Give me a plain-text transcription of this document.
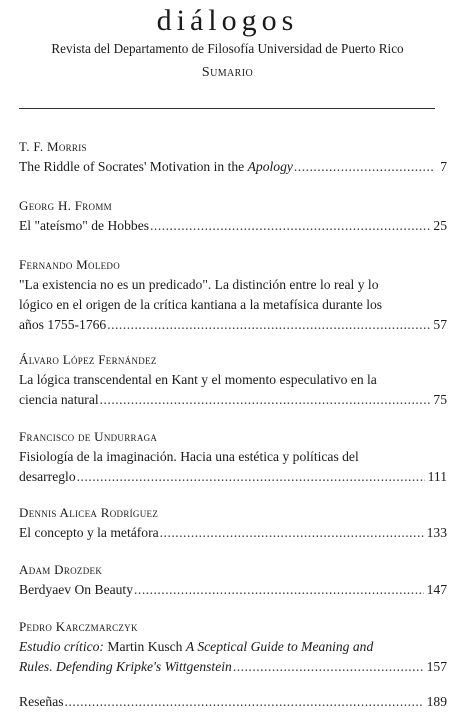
diálogos
Revista del Departamento de Filosofía Universidad de Puerto Rico
Sumario
T. F. Morris
The Riddle of Socrates' Motivation in the Apology .....	7
Georg H. Fromm
El "ateísmo" de Hobbes .....	25
Fernando Moledo
"La existencia no es un predicado". La distinción entre lo real y lo
lógico en el origen de la crítica kantiana a la metafísica durante los
años 1755-1766 .....	57
Álvaro López Fernández
La lógica transcendental en Kant y el momento especulativo en la
ciencia natural .....	75
Francisco de Undurraga
Fisiología de la imaginación. Hacia una estética y políticas del
desarreglo .....	111
Dennis Alicea Rodríguez
El concepto y la metáfora .....	133
Adam Drozdek
Berdyaev On Beauty .....	147
Pedro Karczmarczyk
Estudio crítico: Martin Kusch A Sceptical Guide to Meaning and
Rules. Defending Kripke's Wittgenstein .....	157
Reseñas .....	189
